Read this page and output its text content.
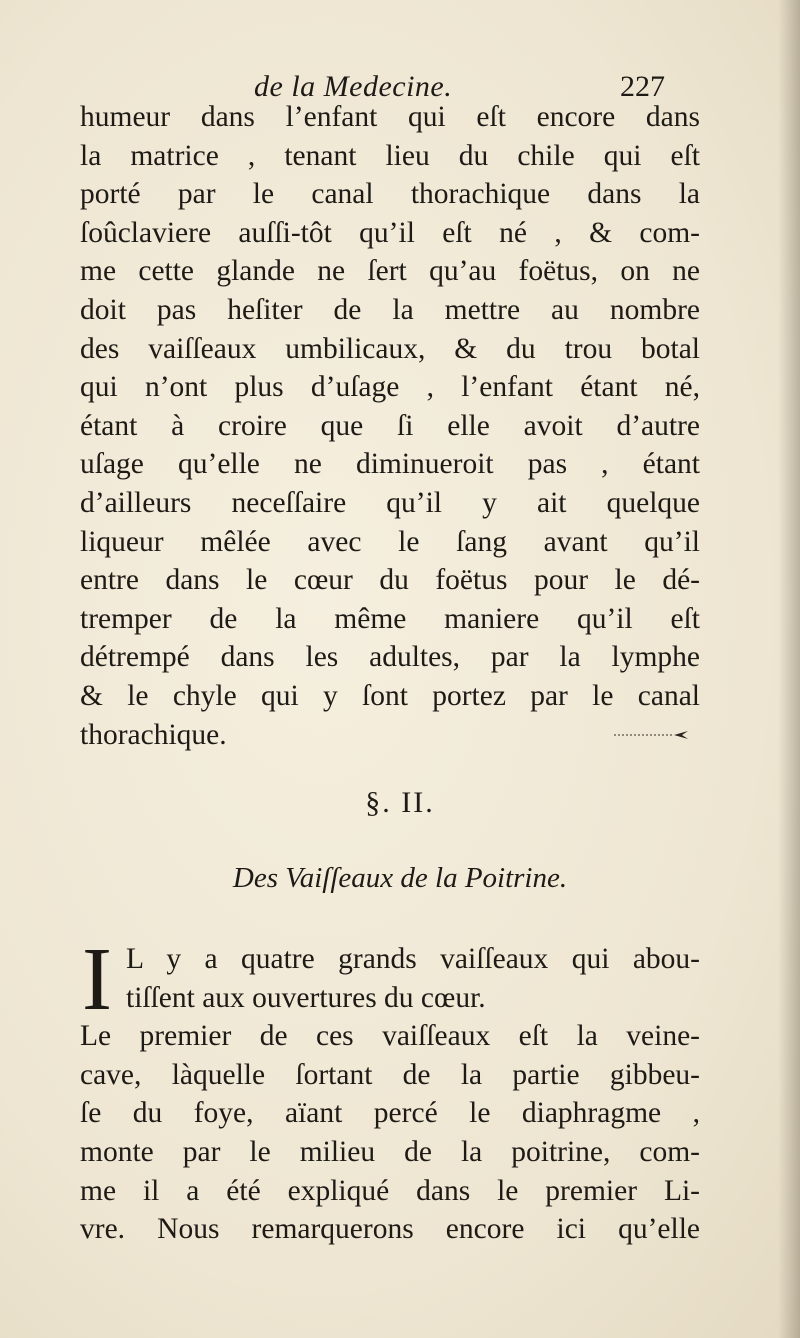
de la Medecine.	227
humeur dans l’enfant qui eſt encore dans
la matrice , tenant lieu du chile qui eſt
porté par le canal thorachique dans la
ſoûclaviere auſſi-tôt qu’il eſt né , & com-
me cette glande ne ſert qu’au foëtus, on ne
doit pas heſiter de la mettre au nombre
des vaiſſeaux umbilicaux, & du trou botal
qui n’ont plus d’uſage , l’enfant étant né,
étant à croire que ſi elle avoit d’autre
uſage qu’elle ne diminueroit pas , étant
d’ailleurs neceſſaire qu’il y ait quelque
liqueur mêlée avec le ſang avant qu’il
entre dans le cœur du foëtus pour le dé-
tremper de la même maniere qu’il eſt
détrempé dans les adultes, par la lymphe
& le chyle qui y ſont portez par le canal
thorachique.
§. II.
Des Vaiſſeaux de la Poitrine.
I L y a quatre grands vaiſſeaux qui abou-
tiſſent aux ouvertures du cœur.
Le premier de ces vaiſſeaux eſt la veine-
cave, làquelle ſortant de la partie gibbeu-
ſe du foye, aïant percé le diaphragme ,
monte par le milieu de la poitrine, com-
me il a été expliqué dans le premier Li-
vre. Nous remarquerons encore ici qu’elle
